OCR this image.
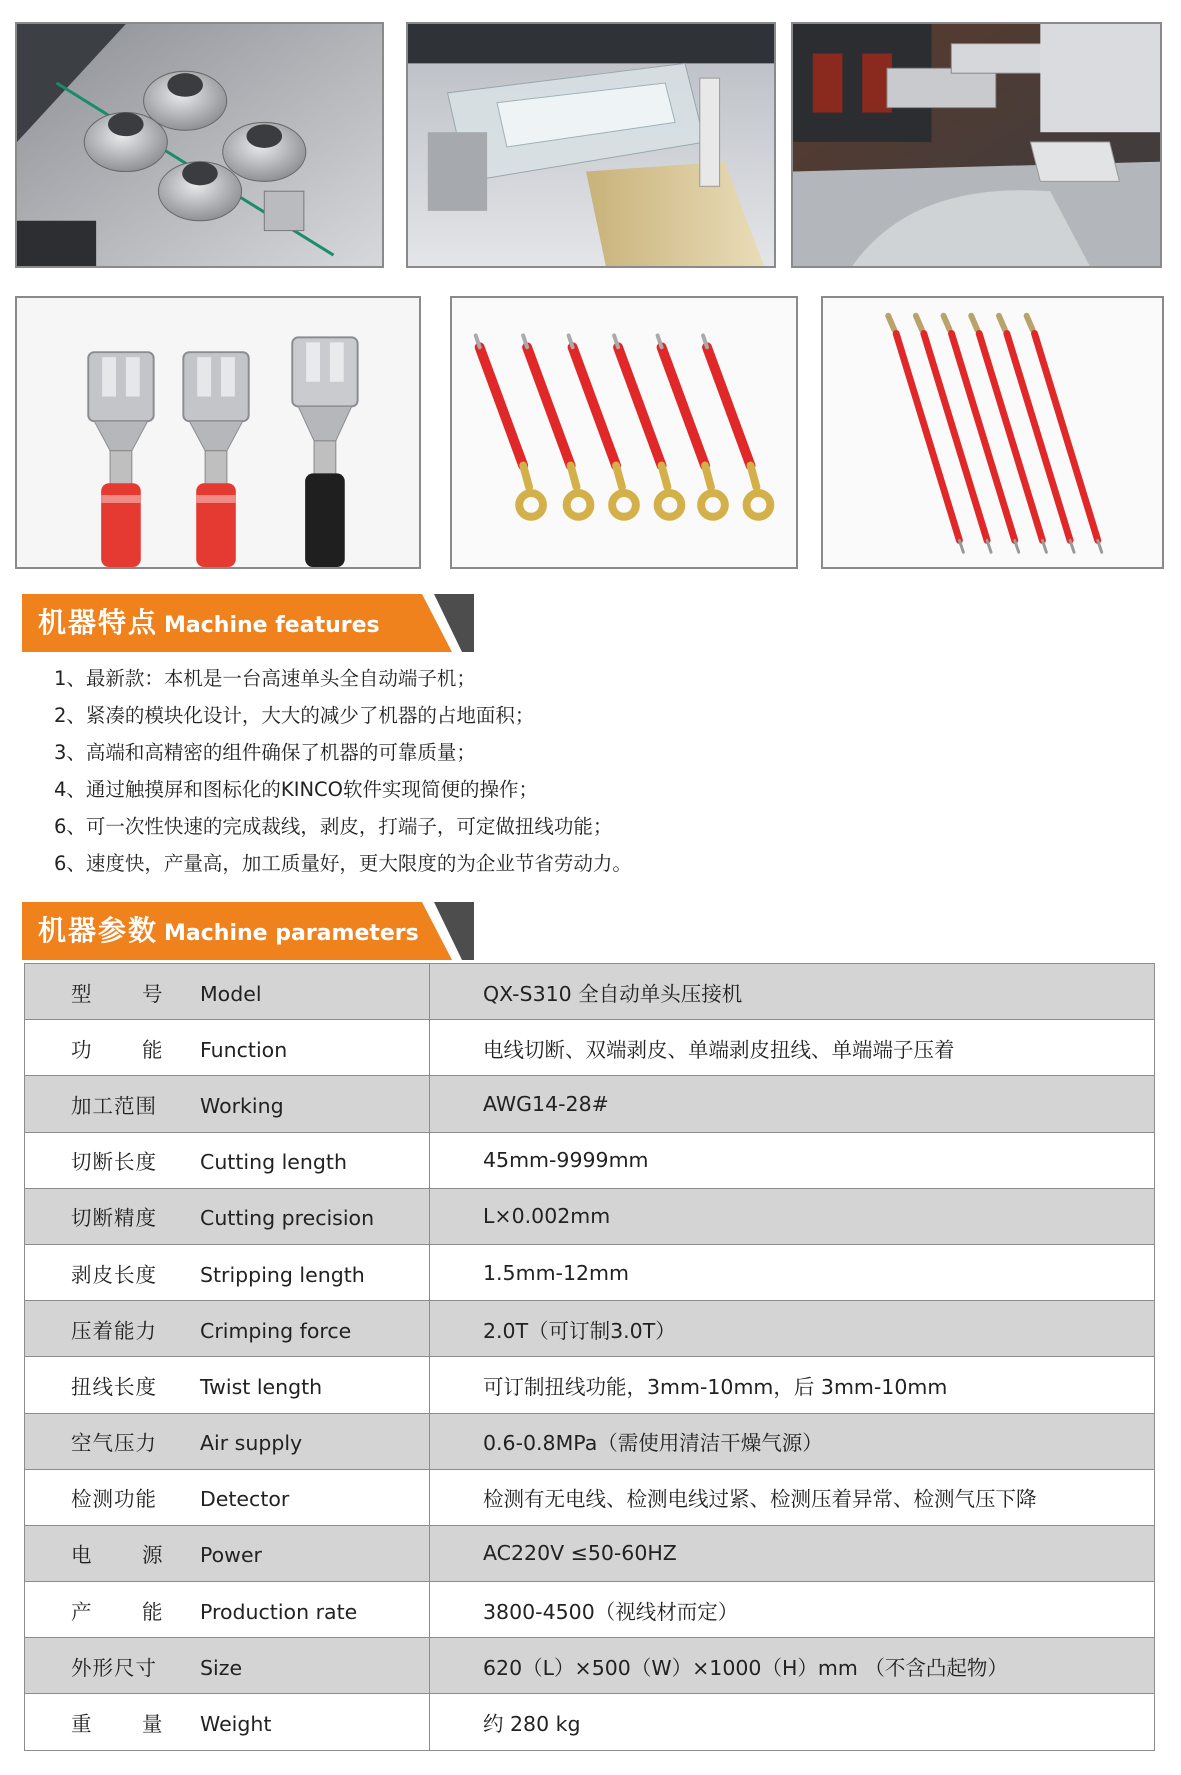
机器特点 Machine features
1、最新款：本机是一台高速单头全自动端子机；
2、紧凑的模块化设计，大大的减少了机器的占地面积；
3、高端和高精密的组件确保了机器的可靠质量；
4、通过触摸屏和图标化的KINCO软件实现简便的操作；
6、可一次性快速的完成裁线，剥皮，打端子，可定做扭线功能；
6、速度快，产量高，加工质量好，更大限度的为企业节省劳动力。
机器参数 Machine parameters
型 号 Model	QX-S310 全自动单头压接机
功 能 Function	电线切断、双端剥皮、单端剥皮扭线、单端端子压着
加工范围 Working	AWG14-28#
切断长度 Cutting length	45mm-9999mm
切断精度 Cutting precision	L×0.002mm
剥皮长度 Stripping length	1.5mm-12mm
压着能力 Crimping force	2.0T（可订制3.0T）
扭线长度 Twist length	可订制扭线功能，3mm-10mm，后 3mm-10mm
空气压力 Air supply	0.6-0.8MPa（需使用清洁干燥气源）
检测功能 Detector	检测有无电线、检测电线过紧、检测压着异常、检测气压下降
电 源 Power	AC220V ≤50-60HZ
产 能 Production rate	3800-4500（视线材而定）
外形尺寸 Size	620（L）×500（W）×1000（H）mm （不含凸起物）
重 量 Weight	约 280 kg
